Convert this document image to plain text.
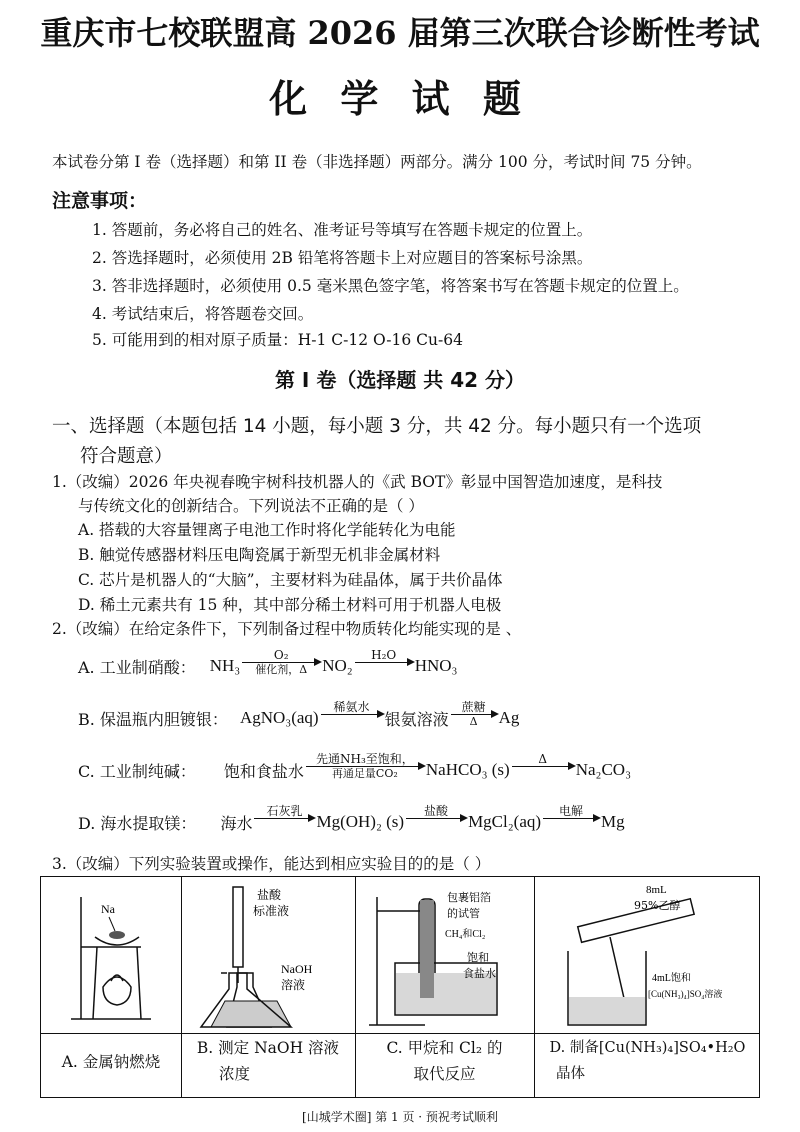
重庆市七校联盟高 2026 届第三次联合诊断性考试
化 学 试 题
本试卷分第 I 卷（选择题）和第 II 卷（非选择题）两部分。满分 100 分，考试时间 75 分钟。
注意事项：
1. 答题前，务必将自己的姓名、准考证号等填写在答题卡规定的位置上。
2. 答选择题时，必须使用 2B 铅笔将答题卡上对应题目的答案标号涂黑。
3. 答非选择题时，必须使用 0.5 毫米黑色签字笔，将答案书写在答题卡规定的位置上。
4. 考试结束后，将答题卷交回。
5. 可能用到的相对原子质量：H-1 C-12 O-16 Cu-64
第 I 卷（选择题 共 42 分）
一、选择题（本题包括 14 小题，每小题 3 分，共 42 分。每小题只有一个选项
符合题意）
1.（改编）2026 年央视春晚宇树科技机器人的《武 BOT》彰显中国智造加速度，是科技
与传统文化的创新结合。下列说法不正确的是（ ）
A. 搭载的大容量锂离子电池工作时将化学能转化为电能
B. 触觉传感器材料压电陶瓷属于新型无机非金属材料
C. 芯片是机器人的“大脑”，主要材料为硅晶体，属于共价晶体
D. 稀土元素共有 15 种，其中部分稀土材料可用于机器人电极
2.（改编）在给定条件下，下列制备过程中物质转化均能实现的是 、
A. 工业制硝酸： NH₃
O₂
催化剂，Δ NO₂
H₂O

HNO₃
B. 保温瓶内胆镀银： AgNO₃(aq)
稀氨水

银氨溶液
蔗糖
Δ Ag
C. 工业制纯碱： 饱和食盐水
先通NH₃至饱和，
再通足量CO₂ NaHCO₃ (s)
Δ

Na₂CO₃
D. 海水提取镁： 海水
石灰乳

Mg(OH)₂ (s)
盐酸

MgCl₂(aq)
电解

Mg
3.（改编）下列实验装置或操作，能达到相应实验目的的是（ ）
Na
盐酸
标准液
NaOH
溶液
包裹铝箔
的试管
CH₄和Cl₂
饱和
食盐水
8mL
95%乙醇
4mL饱和
[Cu(NH₃)₄]SO₄溶液
A. 金属钠燃烧
B. 测定 NaOH 溶液
浓度
C. 甲烷和 Cl₂ 的
取代反应
D. 制备[Cu(NH₃)₄]SO₄•H₂O
晶体
[山城学术圈] 第 1 页 · 预祝考试顺利
